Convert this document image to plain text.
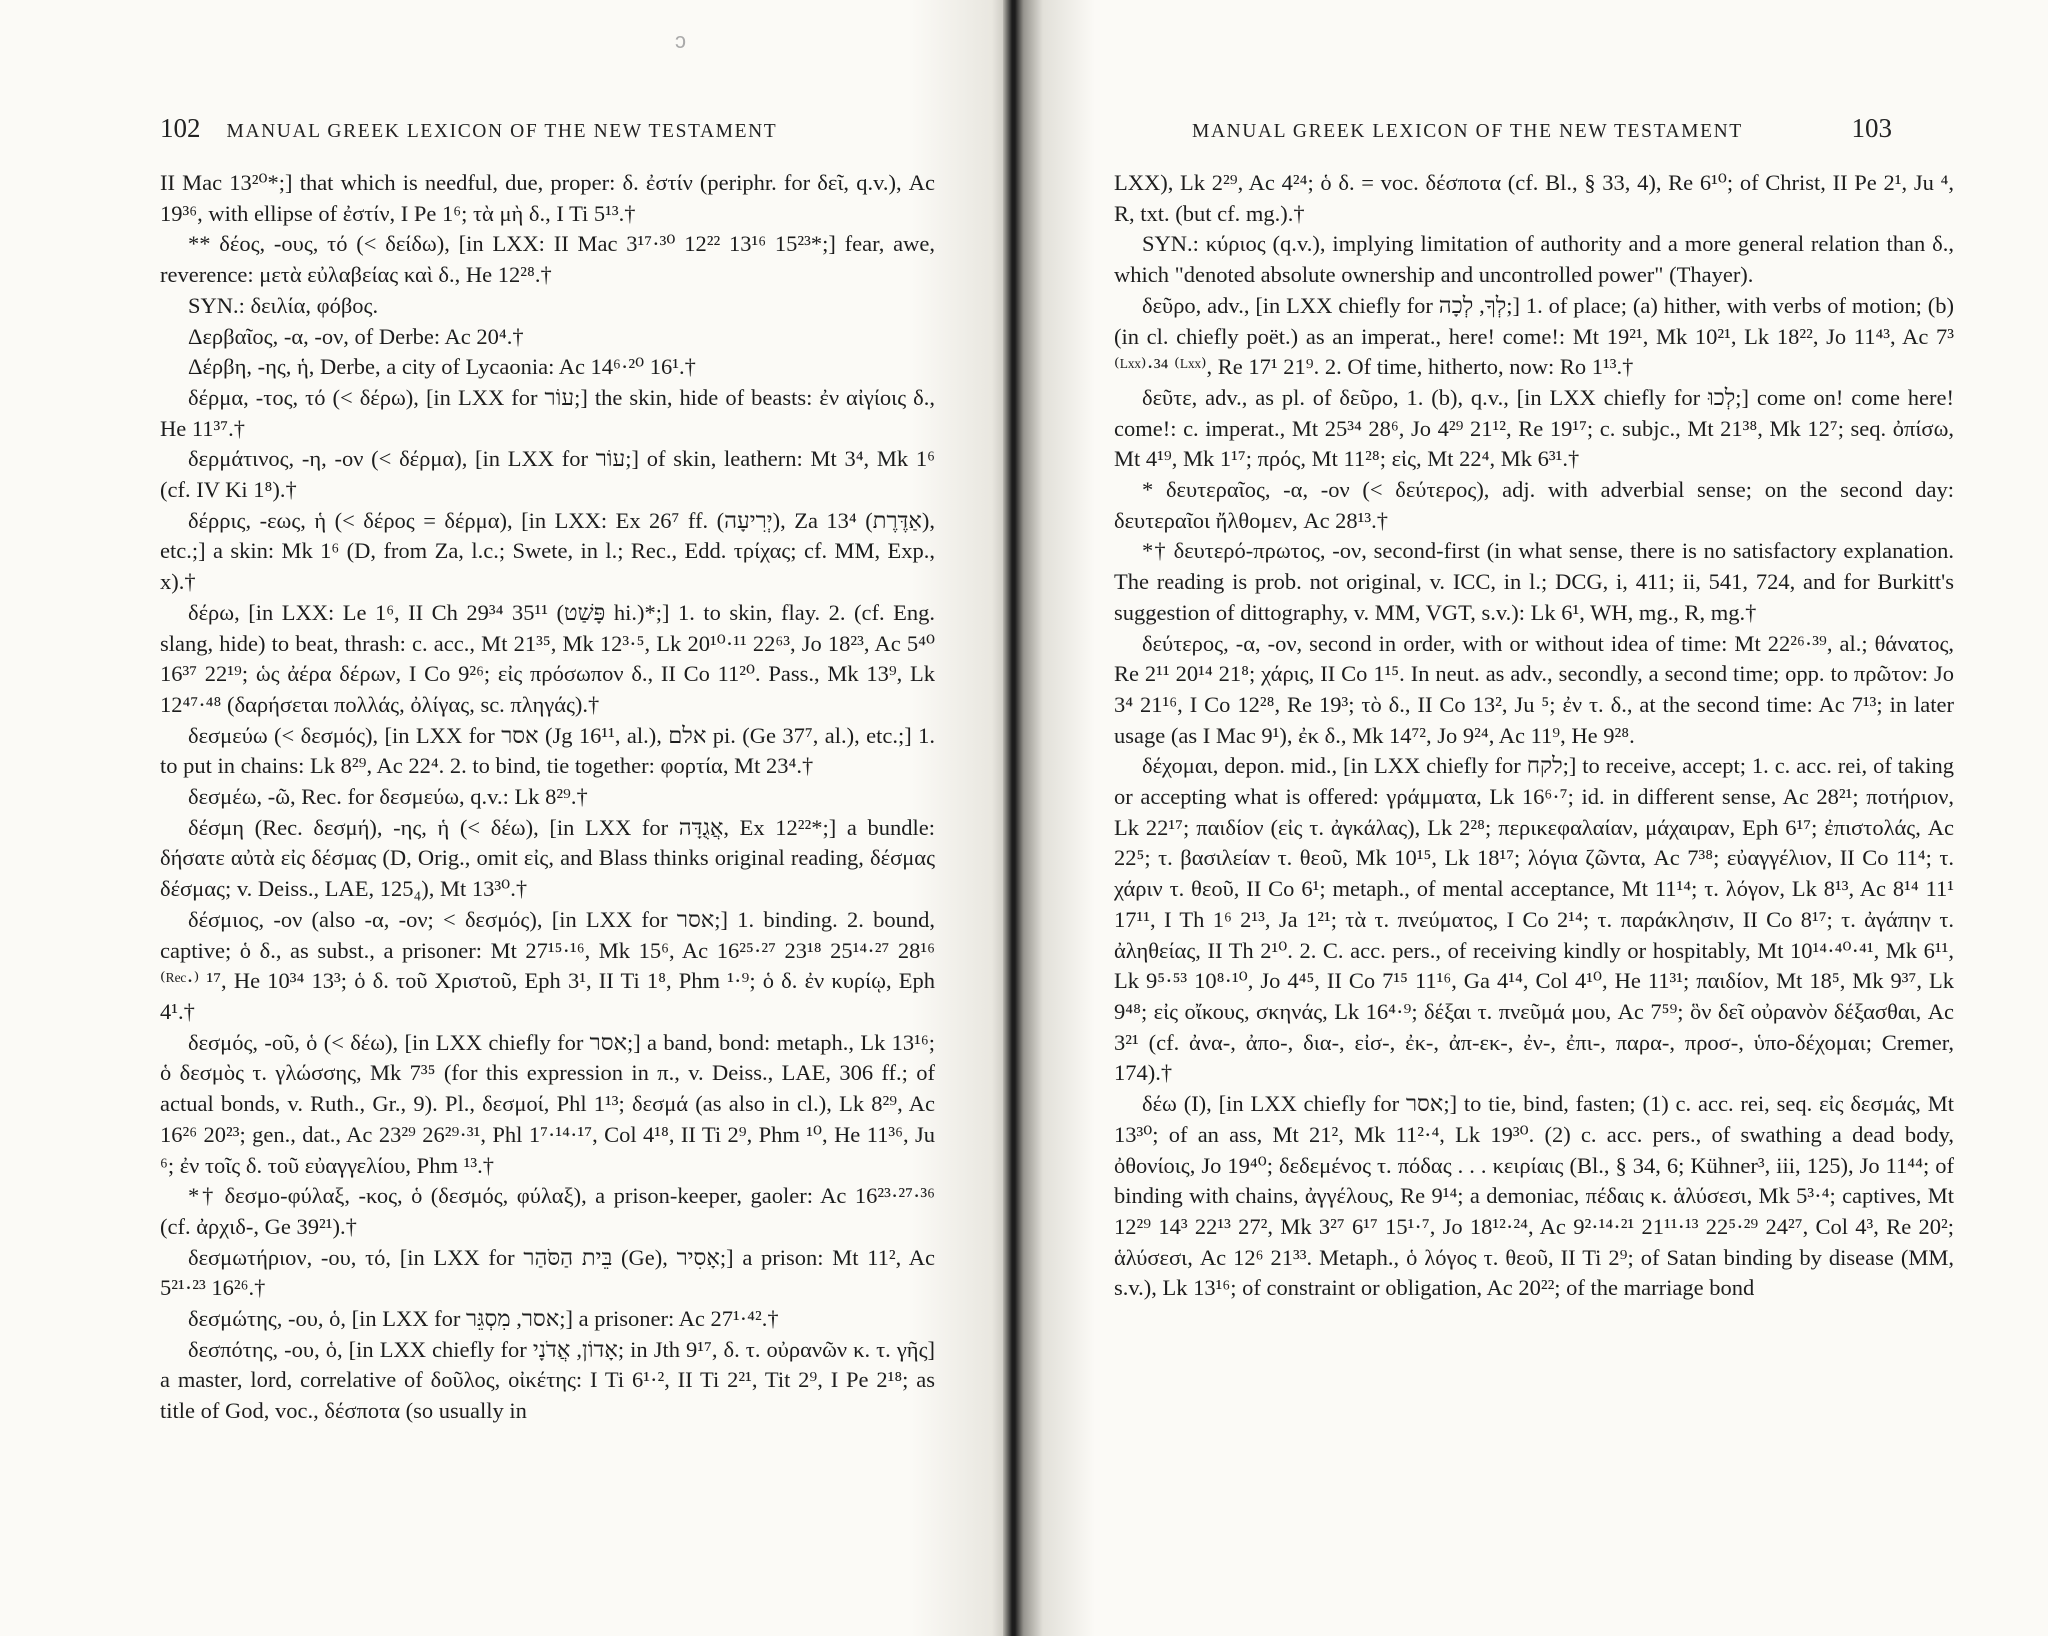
ɔ
102 MANUAL GREEK LEXICON OF THE NEW TESTAMENT

II Mac 13²⁰*;] that which is needful, due, proper: δ. ἐστίν (periphr. for δεῖ, q.v.), Ac 19³⁶, with ellipse of ἐστίν, I Pe 1⁶; τὰ μὴ δ., I Ti 5¹³.†

** δέος, -ους, τό (< δείδω), [in LXX: II Mac 3¹⁷·³⁰ 12²² 13¹⁶ 15²³*;] fear, awe, reverence: μετὰ εὐλαβείας καὶ δ., He 12²⁸.†

SYN.: δειλία, φόβος.

Δερβαῖος, -α, -ον, of Derbe: Ac 20⁴.†

Δέρβη, -ης, ἡ, Derbe, a city of Lycaonia: Ac 14⁶·²⁰ 16¹.†

δέρμα, -τος, τό (< δέρω), [in LXX for עוֹר;] the skin, hide of beasts: ἐν αἰγίοις δ., He 11³⁷.†

δερμάτινος, -η, -ον (< δέρμα), [in LXX for עוֹר;] of skin, leathern: Mt 3⁴, Mk 1⁶ (cf. IV Ki 1⁸).†

δέρρις, -εως, ἡ (< δέρος = δέρμα), [in LXX: Ex 26⁷ ff. (יְרִיעָה), Za 13⁴ (אַדֶּרֶת), etc.;] a skin: Mk 1⁶ (D, from Za, l.c.; Swete, in l.; Rec., Edd. τρίχας; cf. MM, Exp., x).†

δέρω, [in LXX: Le 1⁶, II Ch 29³⁴ 35¹¹ (פָּשַׁט hi.)*;] 1. to skin, flay. 2. (cf. Eng. slang, hide) to beat, thrash: c. acc., Mt 21³⁵, Mk 12³·⁵, Lk 20¹⁰·¹¹ 22⁶³, Jo 18²³, Ac 5⁴⁰ 16³⁷ 22¹⁹; ὡς ἀέρα δέρων, I Co 9²⁶; εἰς πρόσωπον δ., II Co 11²⁰. Pass., Mk 13⁹, Lk 12⁴⁷·⁴⁸ (δαρήσεται πολλάς, ὀλίγας, sc. πληγάς).†

δεσμεύω (< δεσμός), [in LXX for אסר (Jg 16¹¹, al.), אלם pi. (Ge 37⁷, al.), etc.;] 1. to put in chains: Lk 8²⁹, Ac 22⁴. 2. to bind, tie together: φορτία, Mt 23⁴.†

δεσμέω, -ῶ, Rec. for δεσμεύω, q.v.: Lk 8²⁹.†

δέσμη (Rec. δεσμή), -ης, ἡ (< δέω), [in LXX for אֲגֻדָּה, Ex 12²²*;] a bundle: δήσατε αὐτὰ εἰς δέσμας (D, Orig., omit εἰς, and Blass thinks original reading, δέσμας δέσμας; v. Deiss., LAE, 125₄), Mt 13³⁰.†

δέσμιος, -ον (also -α, -ον; < δεσμός), [in LXX for אסר;] 1. binding. 2. bound, captive; ὁ δ., as subst., a prisoner: Mt 27¹⁵·¹⁶, Mk 15⁶, Ac 16²⁵·²⁷ 23¹⁸ 25¹⁴·²⁷ 28¹⁶ ⁽ᴿᵉᶜ·⁾ ¹⁷, He 10³⁴ 13³; ὁ δ. τοῦ Χριστοῦ, Eph 3¹, II Ti 1⁸, Phm ¹·⁹; ὁ δ. ἐν κυρίῳ, Eph 4¹.†

δεσμός, -οῦ, ὁ (< δέω), [in LXX chiefly for אסר;] a band, bond: metaph., Lk 13¹⁶; ὁ δεσμὸς τ. γλώσσης, Mk 7³⁵ (for this expression in π., v. Deiss., LAE, 306 ff.; of actual bonds, v. Ruth., Gr., 9). Pl., δεσμοί, Phl 1¹³; δεσμά (as also in cl.), Lk 8²⁹, Ac 16²⁶ 20²³; gen., dat., Ac 23²⁹ 26²⁹·³¹, Phl 1⁷·¹⁴·¹⁷, Col 4¹⁸, II Ti 2⁹, Phm ¹⁰, He 11³⁶, Ju ⁶; ἐν τοῖς δ. τοῦ εὐαγγελίου, Phm ¹³.†

*† δεσμο-φύλαξ, -κος, ὁ (δεσμός, φύλαξ), a prison-keeper, gaoler: Ac 16²³·²⁷·³⁶ (cf. ἀρχιδ-, Ge 39²¹).†

δεσμωτήριον, -ου, τό, [in LXX for בֵּית הַסֹּהַר (Ge), אָסִיר;] a prison: Mt 11², Ac 5²¹·²³ 16²⁶.†

δεσμώτης, -ου, ὁ, [in LXX for אסר, מִסְגֵּר;] a prisoner: Ac 27¹·⁴².†

δεσπότης, -ου, ὁ, [in LXX chiefly for אָדוֹן, אֲדֹנָי; in Jth 9¹⁷, δ. τ. οὐρανῶν κ. τ. γῆς] a master, lord, correlative of δοῦλος, οἰκέτης: I Ti 6¹·², II Ti 2²¹, Tit 2⁹, I Pe 2¹⁸; as title of God, voc., δέσποτα (so usually in

MANUAL GREEK LEXICON OF THE NEW TESTAMENT	103

LXX), Lk 2²⁹, Ac 4²⁴; ὁ δ. = voc. δέσποτα (cf. Bl., § 33, 4), Re 6¹⁰; of Christ, II Pe 2¹, Ju ⁴, R, txt. (but cf. mg.).†

SYN.: κύριος (q.v.), implying limitation of authority and a more general relation than δ., which "denoted absolute ownership and uncontrolled power" (Thayer).

δεῦρο, adv., [in LXX chiefly for לְךָ, לְכָה;] 1. of place; (a) hither, with verbs of motion; (b) (in cl. chiefly poët.) as an imperat., here! come!: Mt 19²¹, Mk 10²¹, Lk 18²², Jo 11⁴³, Ac 7³ ⁽ᴸˣˣ⁾·³⁴ ⁽ᴸˣˣ⁾, Re 17¹ 21⁹. 2. Of time, hitherto, now: Ro 1¹³.†

δεῦτε, adv., as pl. of δεῦρο, 1. (b), q.v., [in LXX chiefly for לְכוּ;] come on! come here! come!: c. imperat., Mt 25³⁴ 28⁶, Jo 4²⁹ 21¹², Re 19¹⁷; c. subjc., Mt 21³⁸, Mk 12⁷; seq. ὀπίσω, Mt 4¹⁹, Mk 1¹⁷; πρός, Mt 11²⁸; εἰς, Mt 22⁴, Mk 6³¹.†

* δευτεραῖος, -α, -ον (< δεύτερος), adj. with adverbial sense; on the second day: δευτεραῖοι ἤλθομεν, Ac 28¹³.†

*† δευτερό-πρωτος, -ον, second-first (in what sense, there is no satisfactory explanation. The reading is prob. not original, v. ICC, in l.; DCG, i, 411; ii, 541, 724, and for Burkitt's suggestion of dittography, v. MM, VGT, s.v.): Lk 6¹, WH, mg., R, mg.†

δεύτερος, -α, -ον, second in order, with or without idea of time: Mt 22²⁶·³⁹, al.; θάνατος, Re 2¹¹ 20¹⁴ 21⁸; χάρις, II Co 1¹⁵. In neut. as adv., secondly, a second time; opp. to πρῶτον: Jo 3⁴ 21¹⁶, I Co 12²⁸, Re 19³; τὸ δ., II Co 13², Ju ⁵; ἐν τ. δ., at the second time: Ac 7¹³; in later usage (as I Mac 9¹), ἐκ δ., Mk 14⁷², Jo 9²⁴, Ac 11⁹, He 9²⁸.

δέχομαι, depon. mid., [in LXX chiefly for לקח;] to receive, accept; 1. c. acc. rei, of taking or accepting what is offered: γράμματα, Lk 16⁶·⁷; id. in different sense, Ac 28²¹; ποτήριον, Lk 22¹⁷; παιδίον (εἰς τ. ἀγκάλας), Lk 2²⁸; περικεφαλαίαν, μάχαιραν, Eph 6¹⁷; ἐπιστολάς, Ac 22⁵; τ. βασιλείαν τ. θεοῦ, Mk 10¹⁵, Lk 18¹⁷; λόγια ζῶντα, Ac 7³⁸; εὐαγγέλιον, II Co 11⁴; τ. χάριν τ. θεοῦ, II Co 6¹; metaph., of mental acceptance, Mt 11¹⁴; τ. λόγον, Lk 8¹³, Ac 8¹⁴ 11¹ 17¹¹, I Th 1⁶ 2¹³, Ja 1²¹; τὰ τ. πνεύματος, I Co 2¹⁴; τ. παράκλησιν, II Co 8¹⁷; τ. ἀγάπην τ. ἀληθείας, II Th 2¹⁰. 2. C. acc. pers., of receiving kindly or hospitably, Mt 10¹⁴·⁴⁰·⁴¹, Mk 6¹¹, Lk 9⁵·⁵³ 10⁸·¹⁰, Jo 4⁴⁵, II Co 7¹⁵ 11¹⁶, Ga 4¹⁴, Col 4¹⁰, He 11³¹; παιδίον, Mt 18⁵, Mk 9³⁷, Lk 9⁴⁸; εἰς οἴκους, σκηνάς, Lk 16⁴·⁹; δέξαι τ. πνεῦμά μου, Ac 7⁵⁹; ὃν δεῖ οὐρανὸν δέξασθαι, Ac 3²¹ (cf. ἀνα-, ἀπο-, δια-, εἰσ-, ἐκ-, ἀπ-εκ-, ἐν-, ἐπι-, παρα-, προσ-, ὑπο-δέχομαι; Cremer, 174).†

δέω (I), [in LXX chiefly for אסר;] to tie, bind, fasten; (1) c. acc. rei, seq. εἰς δεσμάς, Mt 13³⁰; of an ass, Mt 21², Mk 11²·⁴, Lk 19³⁰. (2) c. acc. pers., of swathing a dead body, ὀθονίοις, Jo 19⁴⁰; δεδεμένος τ. πόδας . . . κειρίαις (Bl., § 34, 6; Kühner³, iii, 125), Jo 11⁴⁴; of binding with chains, ἀγγέλους, Re 9¹⁴; a demoniac, πέδαις κ. ἁλύσεσι, Mk 5³·⁴; captives, Mt 12²⁹ 14³ 22¹³ 27², Mk 3²⁷ 6¹⁷ 15¹·⁷, Jo 18¹²·²⁴, Ac 9²·¹⁴·²¹ 21¹¹·¹³ 22⁵·²⁹ 24²⁷, Col 4³, Re 20²; ἁλύσεσι, Ac 12⁶ 21³³. Metaph., ὁ λόγος τ. θεοῦ, II Ti 2⁹; of Satan binding by disease (MM, s.v.), Lk 13¹⁶; of constraint or obligation, Ac 20²²; of the marriage bond
